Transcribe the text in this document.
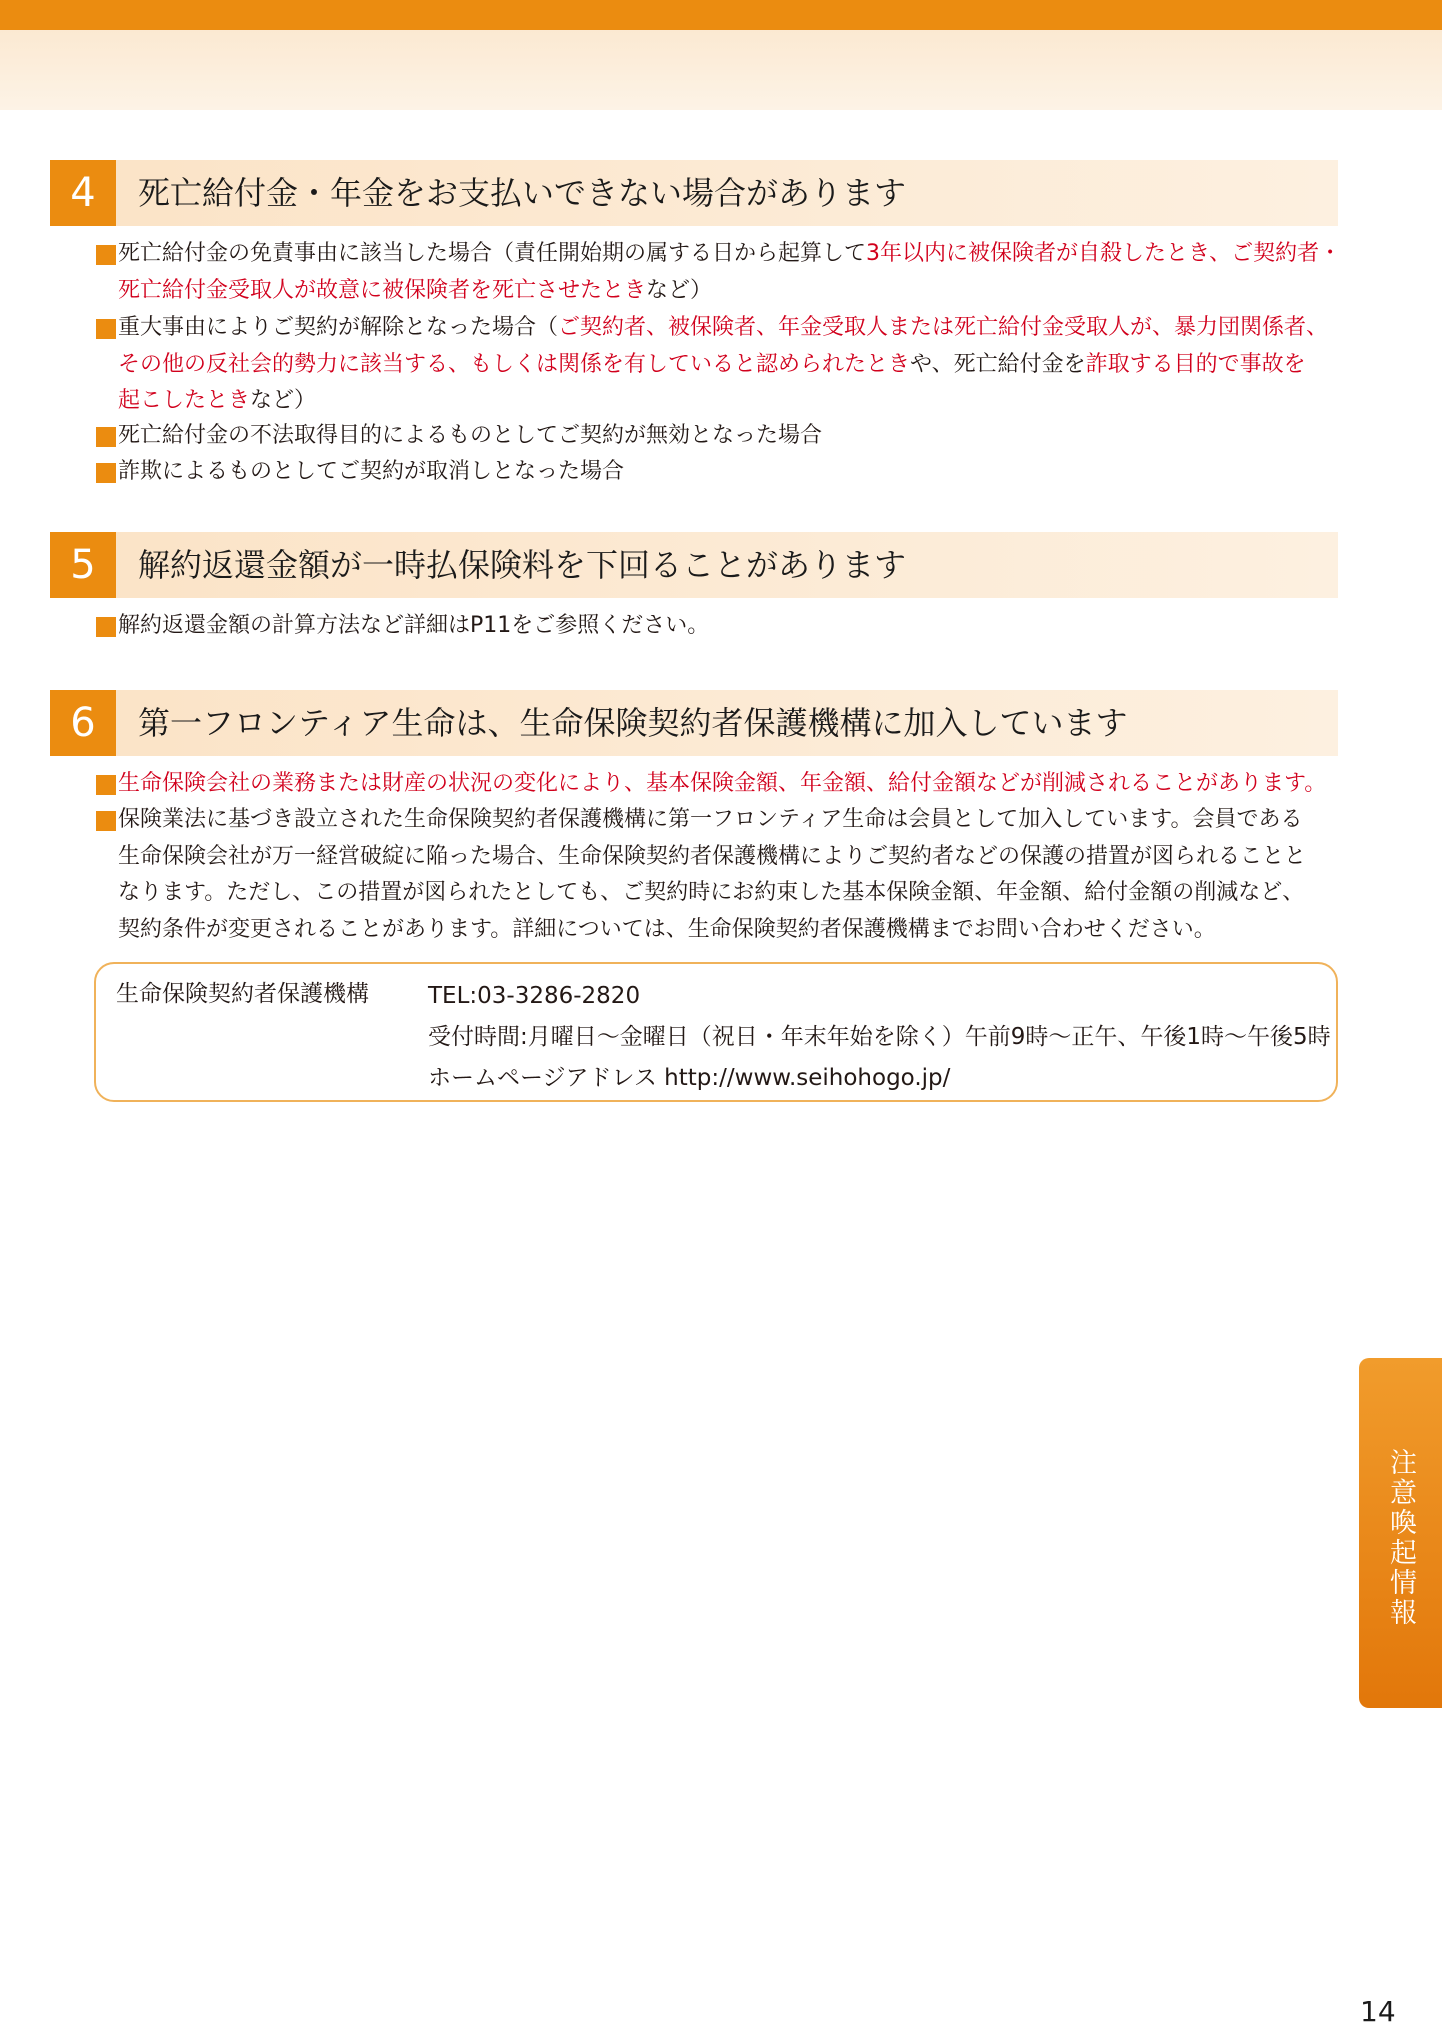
4	死亡給付金・年金をお支払いできない場合があります
死亡給付金の免責事由に該当した場合（責任開始期の属する日から起算して3年以内に被保険者が自殺したとき、ご契約者・
死亡給付金受取人が故意に被保険者を死亡させたときなど）
重大事由によりご契約が解除となった場合（ご契約者、被保険者、年金受取人または死亡給付金受取人が、暴力団関係者、
その他の反社会的勢力に該当する、もしくは関係を有していると認められたときや、死亡給付金を詐取する目的で事故を
起こしたときなど）
死亡給付金の不法取得目的によるものとしてご契約が無効となった場合
詐欺によるものとしてご契約が取消しとなった場合
5	解約返還金額が一時払保険料を下回ることがあります
解約返還金額の計算方法など詳細はP11をご参照ください。
6	第一フロンティア生命は、生命保険契約者保護機構に加入しています
生命保険会社の業務または財産の状況の変化により、基本保険金額、年金額、給付金額などが削減されることがあります。
保険業法に基づき設立された生命保険契約者保護機構に第一フロンティア生命は会員として加入しています。会員である
生命保険会社が万一経営破綻に陥った場合、生命保険契約者保護機構によりご契約者などの保護の措置が図られることと
なります。ただし、この措置が図られたとしても、ご契約時にお約束した基本保険金額、年金額、給付金額の削減など、
契約条件が変更されることがあります。詳細については、生命保険契約者保護機構までお問い合わせください。
生命保険契約者保護機構	TEL:03-3286-2820
受付時間:月曜日～金曜日（祝日・年末年始を除く）午前9時～正午、午後1時～午後5時
ホームページアドレス http://www.seihohogo.jp/
注意喚起情報
14
